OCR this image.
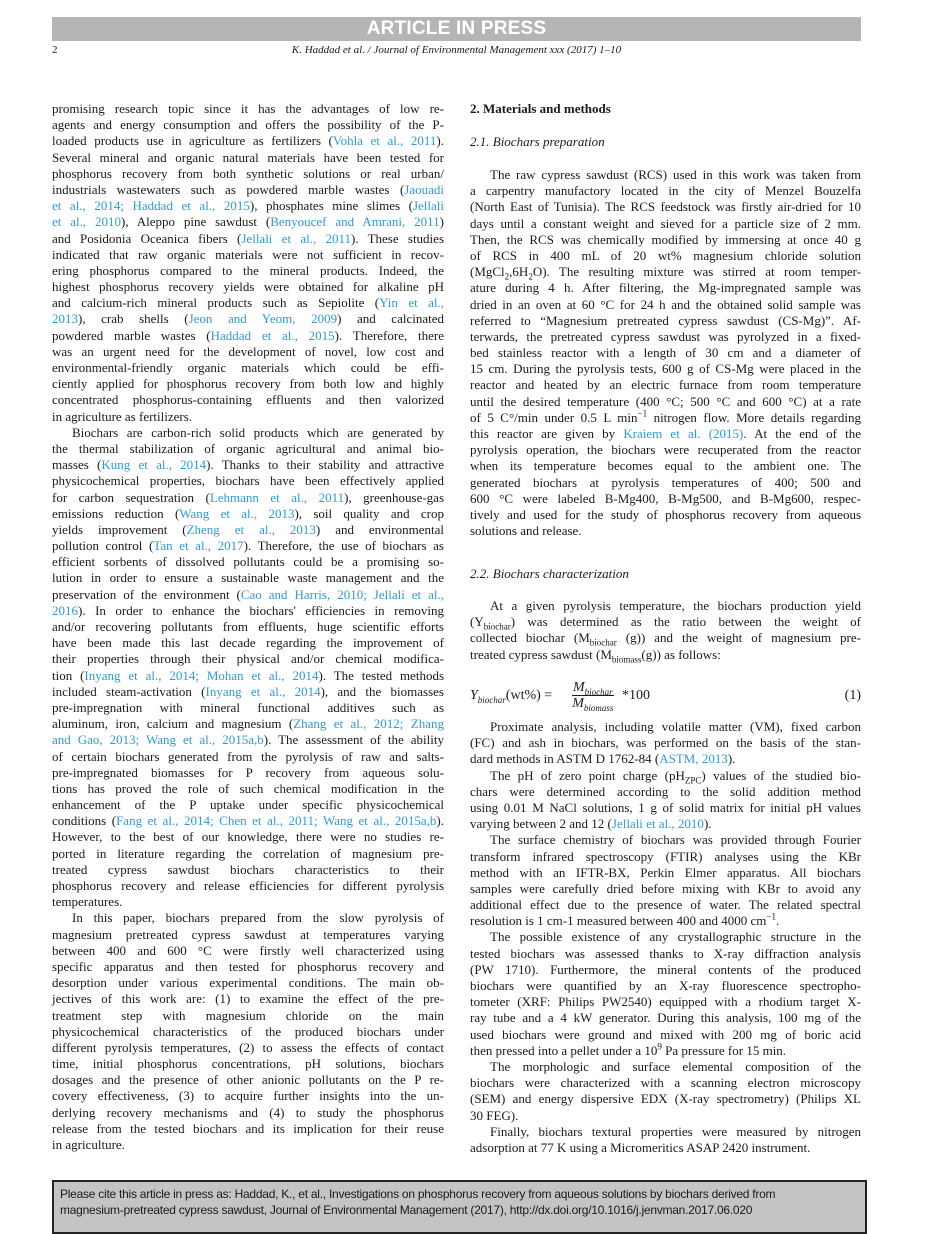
ARTICLE IN PRESS
2	K. Haddad et al. / Journal of Environmental Management xxx (2017) 1–10
promising research topic since it has the advantages of low re-
agents and energy consumption and offers the possibility of the P-
loaded products use in agriculture as fertilizers (Vohla et al., 2011).
Several mineral and organic natural materials have been tested for
phosphorus recovery from both synthetic solutions or real urban/
industrials wastewaters such as powdered marble wastes (Jaouadi
et al., 2014; Haddad et al., 2015), phosphates mine slimes (Jellali
et al., 2010), Aleppo pine sawdust (Benyoucef and Amrani, 2011)
and Posidonia Oceanica fibers (Jellali et al., 2011). These studies
indicated that raw organic materials were not sufficient in recov-
ering phosphorus compared to the mineral products. Indeed, the
highest phosphorus recovery yields were obtained for alkaline pH
and calcium-rich mineral products such as Sepiolite (Yin et al.,
2013), crab shells (Jeon and Yeom, 2009) and calcinated
powdered marble wastes (Haddad et al., 2015). Therefore, there
was an urgent need for the development of novel, low cost and
environmental-friendly organic materials which could be effi-
ciently applied for phosphorus recovery from both low and highly
concentrated phosphorus-containing effluents and then valorized
in agriculture as fertilizers.
Biochars are carbon-rich solid products which are generated by
the thermal stabilization of organic agricultural and animal bio-
masses (Kung et al., 2014). Thanks to their stability and attractive
physicochemical properties, biochars have been effectively applied
for carbon sequestration (Lehmann et al., 2011), greenhouse-gas
emissions reduction (Wang et al., 2013), soil quality and crop
yields improvement (Zheng et al., 2013) and environmental
pollution control (Tan et al., 2017). Therefore, the use of biochars as
efficient sorbents of dissolved pollutants could be a promising so-
lution in order to ensure a sustainable waste management and the
preservation of the environment (Cao and Harris, 2010; Jellali et al.,
2016). In order to enhance the biochars' efficiencies in removing
and/or recovering pollutants from effluents, huge scientific efforts
have been made this last decade regarding the improvement of
their properties through their physical and/or chemical modifica-
tion (Inyang et al., 2014; Mohan et al., 2014). The tested methods
included steam-activation (Inyang et al., 2014), and the biomasses
pre-impregnation with mineral functional additives such as
aluminum, iron, calcium and magnesium (Zhang et al., 2012; Zhang
and Gao, 2013; Wang et al., 2015a,b). The assessment of the ability
of certain biochars generated from the pyrolysis of raw and salts-
pre-impregnated biomasses for P recovery from aqueous solu-
tions has proved the role of such chemical modification in the
enhancement of the P uptake under specific physicochemical
conditions (Fang et al., 2014; Chen et al., 2011; Wang et al., 2015a,b).
However, to the best of our knowledge, there were no studies re-
ported in literature regarding the correlation of magnesium pre-
treated cypress sawdust biochars characteristics to their
phosphorus recovery and release efficiencies for different pyrolysis
temperatures.
In this paper, biochars prepared from the slow pyrolysis of
magnesium pretreated cypress sawdust at temperatures varying
between 400 and 600 °C were firstly well characterized using
specific apparatus and then tested for phosphorus recovery and
desorption under various experimental conditions. The main ob-
jectives of this work are: (1) to examine the effect of the pre-
treatment step with magnesium chloride on the main
physicochemical characteristics of the produced biochars under
different pyrolysis temperatures, (2) to assess the effects of contact
time, initial phosphorus concentrations, pH solutions, biochars
dosages and the presence of other anionic pollutants on the P re-
covery effectiveness, (3) to acquire further insights into the un-
derlying recovery mechanisms and (4) to study the phosphorus
release from the tested biochars and its implication for their reuse
in agriculture.
2. Materials and methods
2.1. Biochars preparation
The raw cypress sawdust (RCS) used in this work was taken from
a carpentry manufactory located in the city of Menzel Bouzelfa
(North East of Tunisia). The RCS feedstock was firstly air-dried for 10
days until a constant weight and sieved for a particle size of 2 mm.
Then, the RCS was chemically modified by immersing at once 40 g
of RCS in 400 mL of 20 wt% magnesium chloride solution
$(MgCl_2,6H_2O)$. The resulting mixture was stirred at room temper-
ature during 4 h. After filtering, the Mg-impregnated sample was
dried in an oven at 60 °C for 24 h and the obtained solid sample was
referred to “Magnesium pretreated cypress sawdust (CS-Mg)”. Af-
terwards, the pretreated cypress sawdust was pyrolyzed in a fixed-
bed stainless reactor with a length of 30 cm and a diameter of
15 cm. During the pyrolysis tests, 600 g of CS-Mg were placed in the
reactor and heated by an electric furnace from room temperature
until the desired temperature (400 °C; 500 °C and 600 °C) at a rate
of 5 C°/min under 0.5 L $\min^{-1}$ nitrogen flow. More details regarding
this reactor are given by Kraiem et al. (2015). At the end of the
pyrolysis operation, the biochars were recuperated from the reactor
when its temperature becomes equal to the ambient one. The
generated biochars at pyrolysis temperatures of 400; 500 and
600 °C were labeled B-Mg400, B-Mg500, and B-Mg600, respec-
tively and used for the study of phosphorus recovery from aqueous
solutions and release.
2.2. Biochars characterization
At a given pyrolysis temperature, the biochars production yield
$(Y_{biochar})$ was determined as the ratio between the weight of
collected biochar ($M_{biochar}$ (g)) and the weight of magnesium pre-
treated cypress sawdust $(M_{biomass}(g))$ as follows:
$Y_{biochar}(wt\%)$ =
$M_{biochar}$
$M_{biomass}$
*100	(1)
Proximate analysis, including volatile matter (VM), fixed carbon
(FC) and ash in biochars, was performed on the basis of the stan-
dard methods in ASTM D 1762-84 (ASTM, 2013).
The pH of zero point charge $(pH_{ZPC})$ values of the studied bio-
chars were determined according to the solid addition method
using 0.01 M NaCl solutions, 1 g of solid matrix for initial pH values
varying between 2 and 12 (Jellali et al., 2010).
The surface chemistry of biochars was provided through Fourier
transform infrared spectroscopy (FTIR) analyses using the KBr
method with an IFTR-BX, Perkin Elmer apparatus. All biochars
samples were carefully dried before mixing with KBr to avoid any
additional effect due to the presence of water. The related spectral
resolution is 1 cm-1 measured between 400 and 4000 $cm^{-1}$.
The possible existence of any crystallographic structure in the
tested biochars was assessed thanks to X-ray diffraction analysis
(PW 1710). Furthermore, the mineral contents of the produced
biochars were quantified by an X-ray fluorescence spectropho-
tometer (XRF: Philips PW2540) equipped with a rhodium target X-
ray tube and a 4 kW generator. During this analysis, 100 mg of the
used biochars were ground and mixed with 200 mg of boric acid
then pressed into a pellet under a $10^9$ Pa pressure for 15 min.
The morphologic and surface elemental composition of the
biochars were characterized with a scanning electron microscopy
(SEM) and energy dispersive EDX (X-ray spectrometry) (Philips XL
30 FEG).
Finally, biochars textural properties were measured by nitrogen
adsorption at 77 K using a Micromeritics ASAP 2420 instrument.
Please cite this article in press as: Haddad, K., et al., Investigations on phosphorus recovery from aqueous solutions by biochars derived from
magnesium-pretreated cypress sawdust, Journal of Environmental Management (2017), http://dx.doi.org/10.1016/j.jenvman.2017.06.020
